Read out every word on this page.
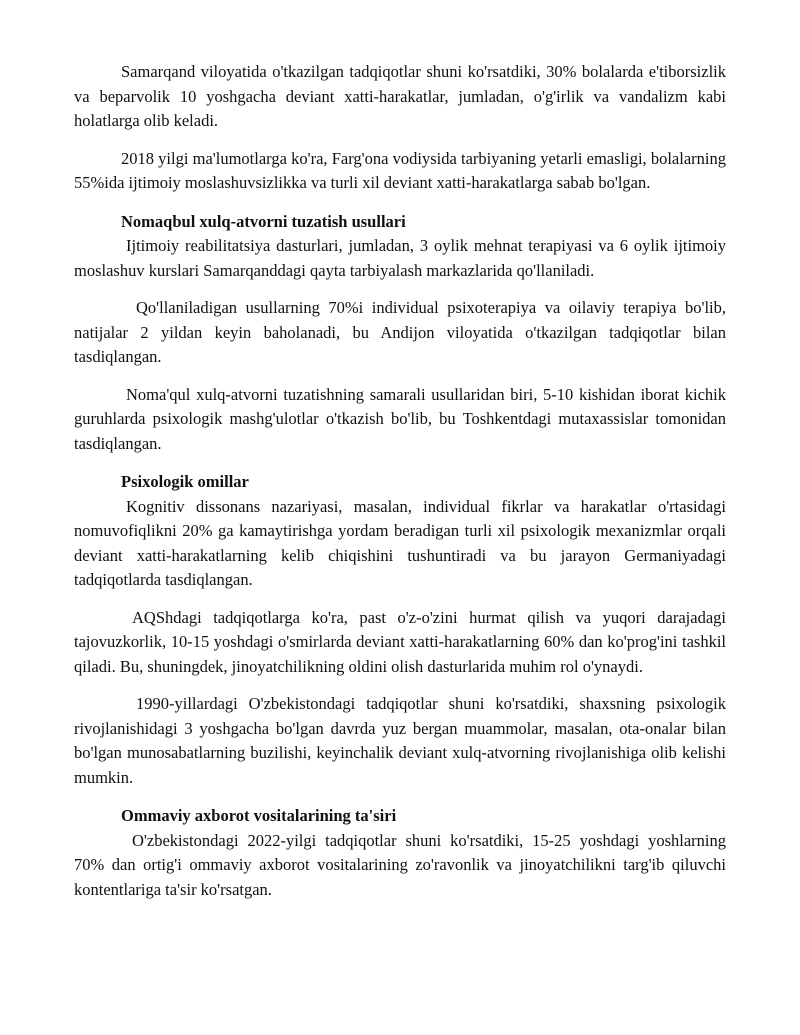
Samarqand viloyatida o'tkazilgan tadqiqotlar shuni ko'rsatdiki, 30% bolalarda e'tiborsizlik va beparvolik 10 yoshgacha deviant xatti-harakatlar, jumladan, o'g'irlik va vandalizm kabi holatlarga olib keladi.

2018 yilgi ma'lumotlarga ko'ra, Farg'ona vodiysida tarbiyaning yetarli emasligi, bolalarning 55%ida ijtimoiy moslashuvsizlikka va turli xil deviant xatti-harakatlarga sabab bo'lgan.

Nomaqbul xulq-atvorni tuzatish usullari

Ijtimoiy reabilitatsiya dasturlari, jumladan, 3 oylik mehnat terapiyasi va 6 oylik ijtimoiy moslashuv kurslari Samarqanddagi qayta tarbiyalash markazlarida qo'llaniladi.

Qo'llaniladigan usullarning 70%i individual psixoterapiya va oilaviy terapiya bo'lib, natijalar 2 yildan keyin baholanadi, bu Andijon viloyatida o'tkazilgan tadqiqotlar bilan tasdiqlangan.

Noma'qul xulq-atvorni tuzatishning samarali usullaridan biri, 5-10 kishidan iborat kichik guruhlarda psixologik mashg'ulotlar o'tkazish bo'lib, bu Toshkentdagi mutaxassislar tomonidan tasdiqlangan.

Psixologik omillar

Kognitiv dissonans nazariyasi, masalan, individual fikrlar va harakatlar o'rtasidagi nomuvofiqlikni 20% ga kamaytirishga yordam beradigan turli xil psixologik mexanizmlar orqali deviant xatti-harakatlarning kelib chiqishini tushuntiradi va bu jarayon Germaniyadagi tadqiqotlarda tasdiqlangan.

AQShdagi tadqiqotlarga ko'ra, past o'z-o'zini hurmat qilish va yuqori darajadagi tajovuzkorlik, 10-15 yoshdagi o'smirlarda deviant xatti-harakatlarning 60% dan ko'prog'ini tashkil qiladi. Bu, shuningdek, jinoyatchilikning oldini olish dasturlarida muhim rol o'ynaydi.

1990-yillardagi O'zbekistondagi tadqiqotlar shuni ko'rsatdiki, shaxsning psixologik rivojlanishidagi 3 yoshgacha bo'lgan davrda yuz bergan muammolar, masalan, ota-onalar bilan bo'lgan munosabatlarning buzilishi, keyinchalik deviant xulq-atvorning rivojlanishiga olib kelishi mumkin.

Ommaviy axborot vositalarining ta'siri

O'zbekistondagi 2022-yilgi tadqiqotlar shuni ko'rsatdiki, 15-25 yoshdagi yoshlarning 70% dan ortig'i ommaviy axborot vositalarining zo'ravonlik va jinoyatchilikni targ'ib qiluvchi kontentlariga ta'sir ko'rsatgan.
